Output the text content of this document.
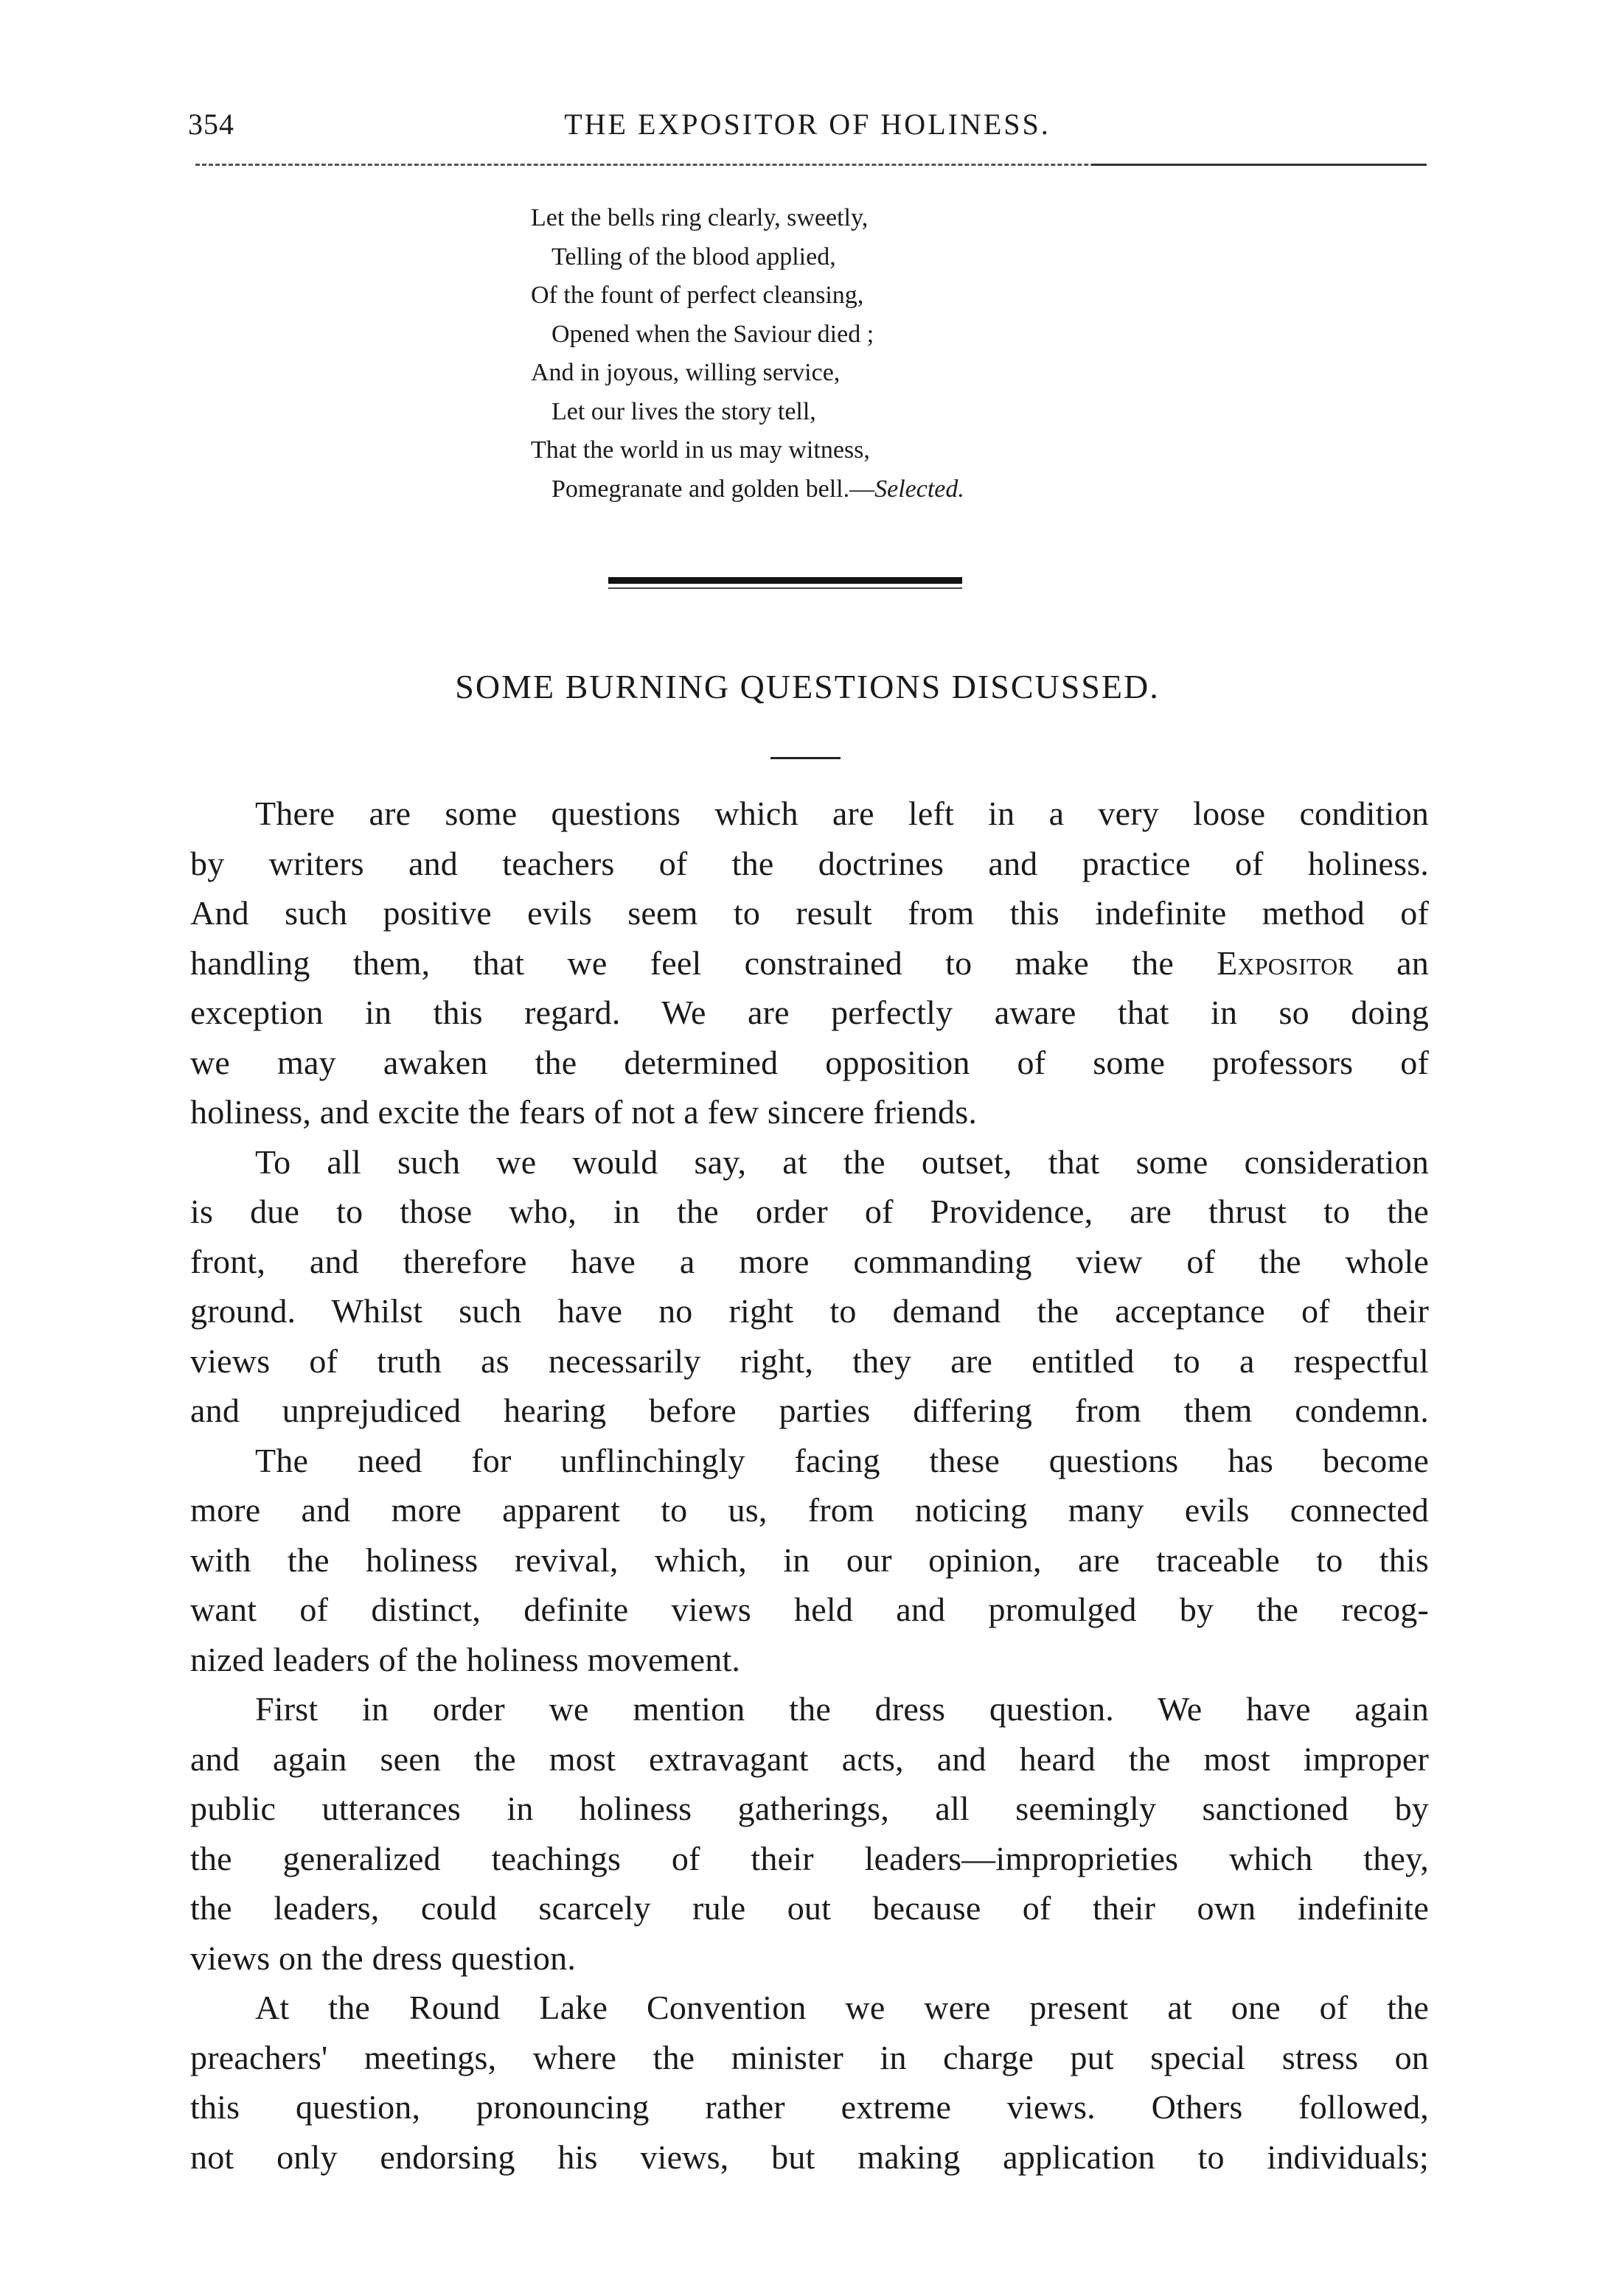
354	THE EXPOSITOR OF HOLINESS.
Let the bells ring clearly, sweetly,
Telling of the blood applied,
Of the fount of perfect cleansing,
Opened when the Saviour died ;
And in joyous, willing service,
Let our lives the story tell,
That the world in us may witness,
Pomegranate and golden bell.—Selected.
SOME BURNING QUESTIONS DISCUSSED.
There are some questions which are left in a very loose condition
by writers and teachers of the doctrines and practice of holiness.
And such positive evils seem to result from this indefinite method of
handling them, that we feel constrained to make the Expositor an
exception in this regard. We are perfectly aware that in so doing
we may awaken the determined opposition of some professors of
holiness, and excite the fears of not a few sincere friends.
To all such we would say, at the outset, that some consideration
is due to those who, in the order of Providence, are thrust to the
front, and therefore have a more commanding view of the whole
ground. Whilst such have no right to demand the acceptance of their
views of truth as necessarily right, they are entitled to a respectful
and unprejudiced hearing before parties differing from them condemn.
The need for unflinchingly facing these questions has become
more and more apparent to us, from noticing many evils connected
with the holiness revival, which, in our opinion, are traceable to this
want of distinct, definite views held and promulged by the recog-
nized leaders of the holiness movement.
First in order we mention the dress question. We have again
and again seen the most extravagant acts, and heard the most improper
public utterances in holiness gatherings, all seemingly sanctioned by
the generalized teachings of their leaders—improprieties which they,
the leaders, could scarcely rule out because of their own indefinite
views on the dress question.
At the Round Lake Convention we were present at one of the
preachers' meetings, where the minister in charge put special stress on
this question, pronouncing rather extreme views. Others followed,
not only endorsing his views, but making application to individuals;
